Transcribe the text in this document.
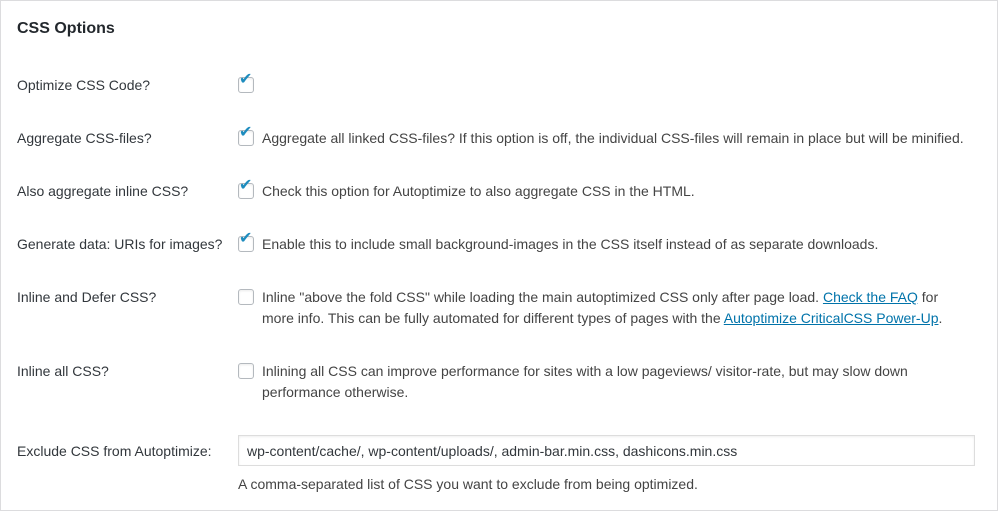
CSS Options
Optimize CSS Code?	✔
Aggregate CSS-files?	✔ Aggregate all linked CSS-files? If this option is off, the individual CSS-files will remain in place but will be minified.
Also aggregate inline CSS?	✔ Check this option for Autoptimize to also aggregate CSS in the HTML.
Generate data: URIs for images?	✔ Enable this to include small background-images in the CSS itself instead of as separate downloads.
Inline and Defer CSS?	Inline "above the fold CSS" while loading the main autoptimized CSS only after page load. Check the FAQ for more info. This can be fully automated for different types of pages with the Autoptimize CriticalCSS Power-Up.
Inline all CSS?	Inlining all CSS can improve performance for sites with a low pageviews/ visitor-rate, but may slow down performance otherwise.
Exclude CSS from Autoptimize:
wp-content/cache/, wp-content/uploads/, admin-bar.min.css, dashicons.min.css
A comma-separated list of CSS you want to exclude from being optimized.
